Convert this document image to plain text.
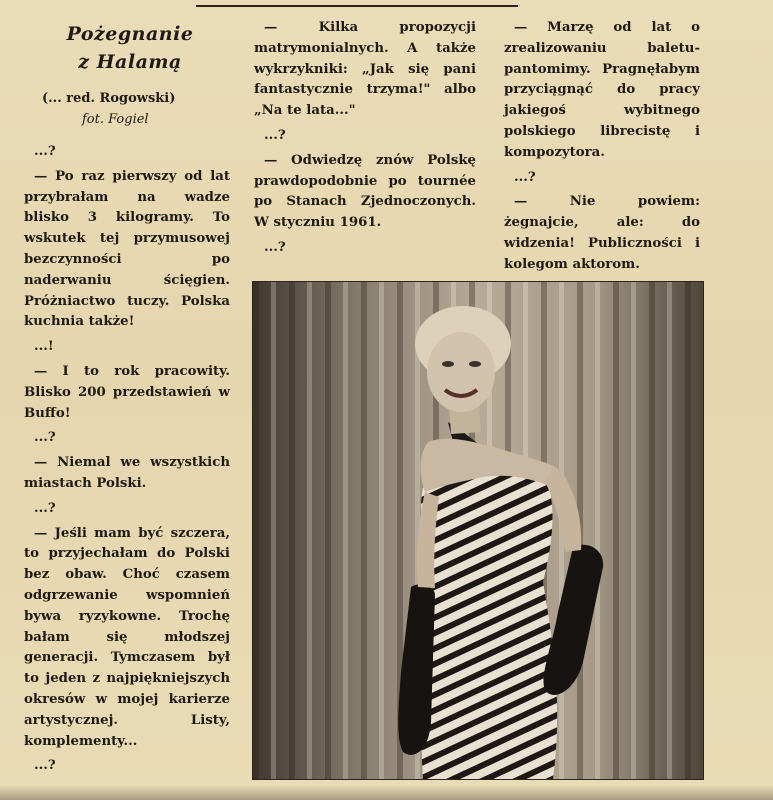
Pożegnanie
z Halamą
(... red. Rogowski)
fot. Fogiel

...?

— Po raz pierwszy od lat przybrałam na wadze blisko 3 kilogramy. To wskutek tej przymusowej bezczynności po naderwaniu ścięgien. Próżniactwo tuczy. Polska kuchnia także!

...!

— I to rok pracowity. Blisko 200 przedstawień w Buffo!

...?

— Niemal we wszystkich miastach Polski.

...?

— Jeśli mam być szczera, to przyjechałam do Polski bez obaw. Choć czasem odgrzewanie wspomnień bywa ryzykowne. Trochę bałam się młodszej generacji. Tymczasem był to jeden z najpiękniejszych okresów w mojej karierze artystycznej. Listy, komplementy...

...?

— Kilka propozycji matrymonialnych. A także wykrzykniki: „Jak się pani fantastycznie trzyma!" albo „Na te lata..."

...?

— Odwiedzę znów Polskę prawdopodobnie po tournée po Stanach Zjednoczonych. W styczniu 1961.

...?

— Marzę od lat o zrealizowaniu baletu-pantomimy. Pragnęłabym przyciągnąć do pracy jakiegoś wybitnego polskiego librecistę i kompozytora.

...?

— Nie powiem: żegnajcie, ale: do widzenia! Publiczności i kolegom aktorom.
